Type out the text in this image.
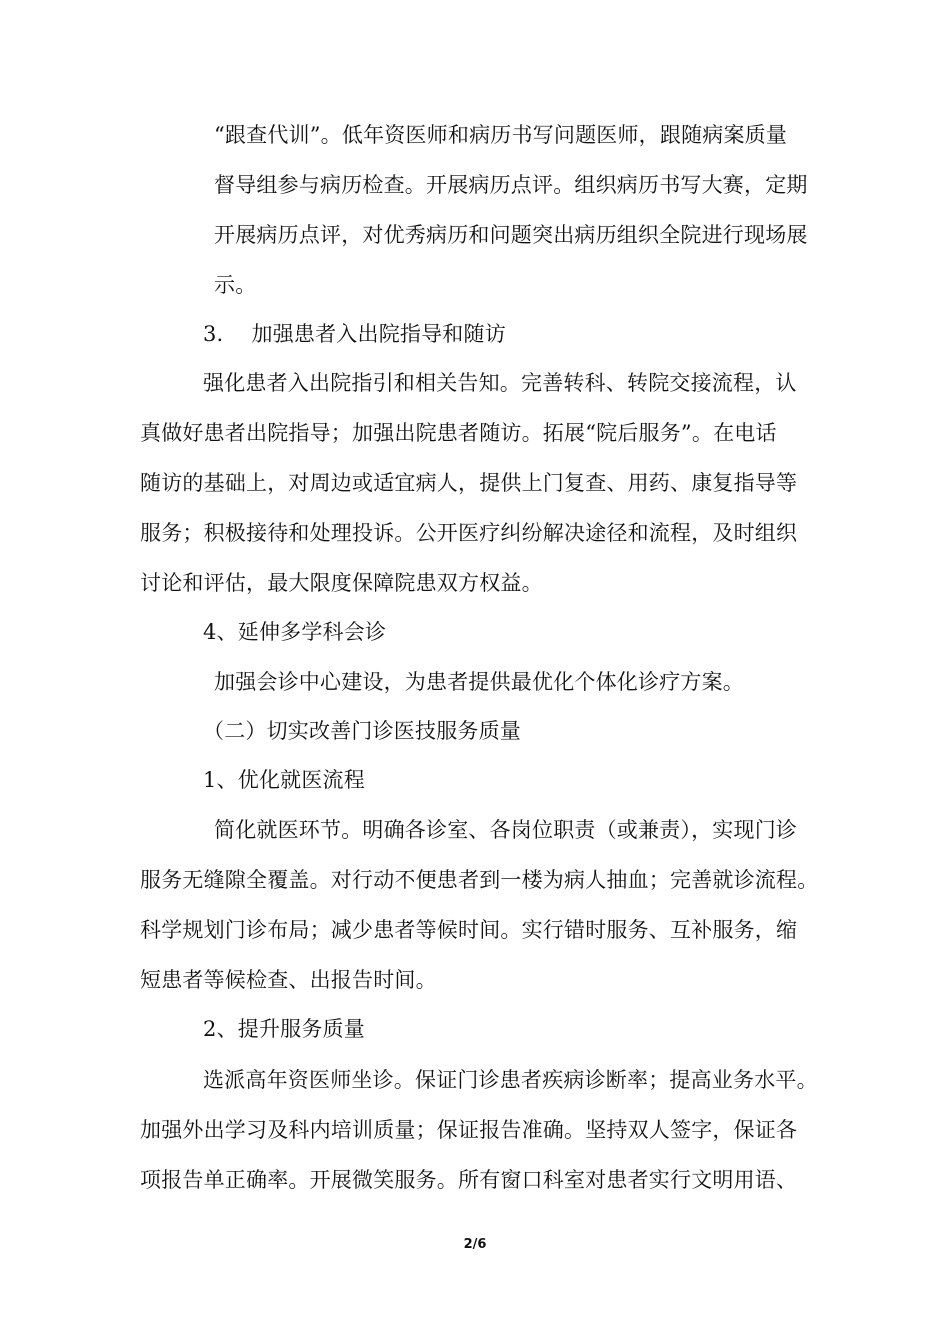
“跟查代训”。低年资医师和病历书写问题医师，跟随病案质量
督导组参与病历检查。开展病历点评。组织病历书写大赛，定期
开展病历点评，对优秀病历和问题突出病历组织全院进行现场展
示。
3.　 加强患者入出院指导和随访
强化患者入出院指引和相关告知。完善转科、转院交接流程，认
真做好患者出院指导；加强出院患者随访。拓展“院后服务”。在电话
随访的基础上，对周边或适宜病人，提供上门复查、用药、康复指导等
服务；积极接待和处理投诉。公开医疗纠纷解决途径和流程，及时组织
讨论和评估，最大限度保障院患双方权益。
4、延伸多学科会诊
加强会诊中心建设，为患者提供最优化个体化诊疗方案。
（二）切实改善门诊医技服务质量
1、优化就医流程
简化就医环节。明确各诊室、各岗位职责（或兼责），实现门诊
服务无缝隙全覆盖。对行动不便患者到一楼为病人抽血；完善就诊流程。
科学规划门诊布局；减少患者等候时间。实行错时服务、互补服务，缩
短患者等候检查、出报告时间。
2、提升服务质量
选派高年资医师坐诊。保证门诊患者疾病诊断率；提高业务水平。
加强外出学习及科内培训质量；保证报告准确。坚持双人签字，保证各
项报告单正确率。开展微笑服务。所有窗口科室对患者实行文明用语、
2/6
